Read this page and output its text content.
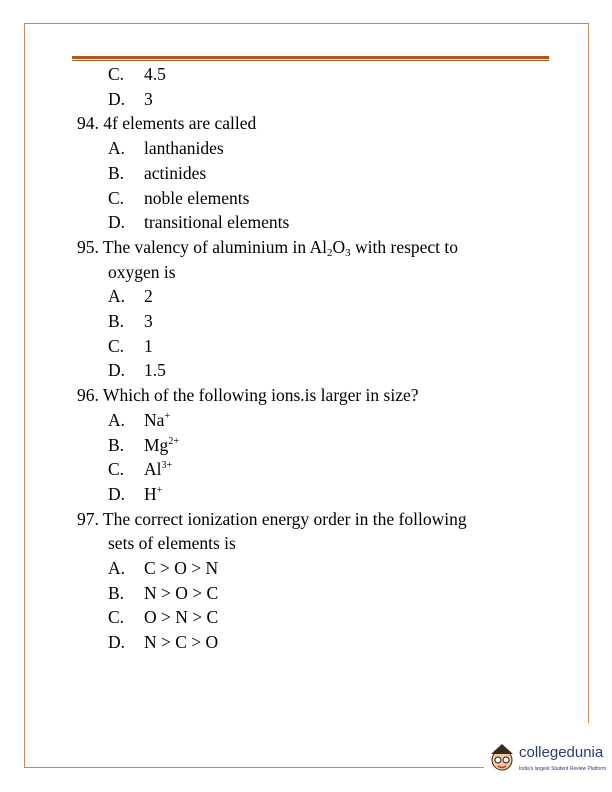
C. 4.5

D. 3

94. 4f elements are called

A. lanthanides

B. actinides

C. noble elements

D. transitional elements

95. The valency of aluminium in $Al_2O_3$ with respect to

oxygen is

A. 2

B. 3

C. 1

D. 1.5

96. Which of the following ions.is larger in size?

A. Na+

B. $Mg^{2+}$

C. $Al^{3+}$

D. H+

97. The correct ionization energy order in the following

sets of elements is

A. C > O > N

B. N > O > C

C. O > N > C

D. N > C > O

collegedunia
India's largest Student Review Platform
